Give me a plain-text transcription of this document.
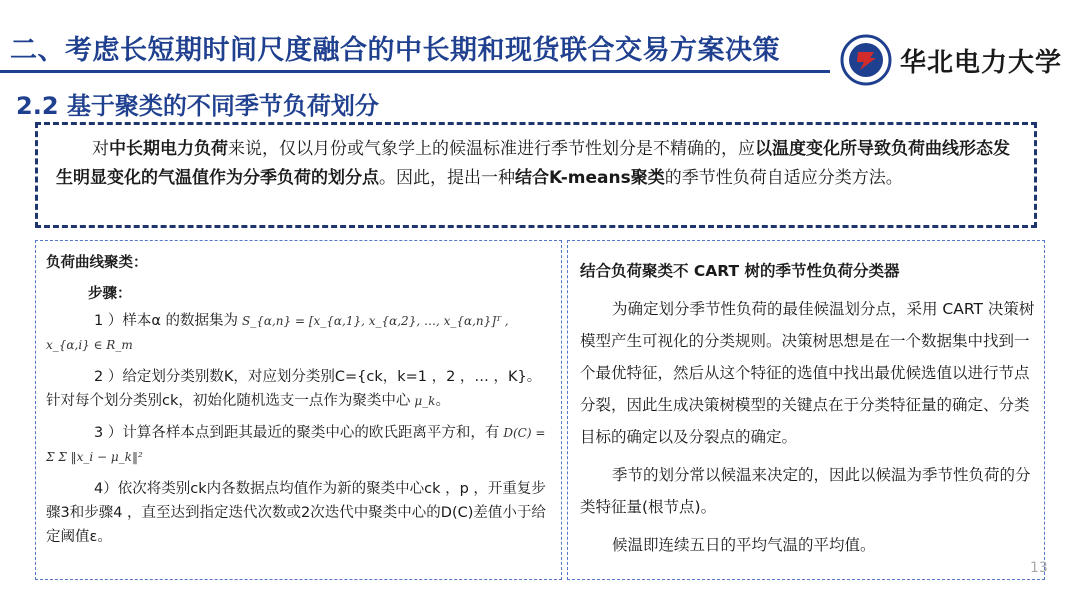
二、考虑长短期时间尺度融合的中长期和现货联合交易方案决策	华北电力大学
2.2 基于聚类的不同季节负荷划分

对中长期电力负荷来说，仅以月份或气象学上的候温标准进行季节性划分是不精确的，应以温度变化所导致负荷曲线形态发生明显变化的气温值作为分季负荷的划分点。因此，提出一种结合K-means聚类的季节性负荷自适应分类方法。

负荷曲线聚类：

步骤：

1 ）样本α 的数据集为 S_{α,n} = [x_{α,1}, x_{α,2}, …, x_{α,n}]ᵀ , x_{α,i} ∈ R_m

2 ）给定划分类别数K，对应划分类别C={ck，k=1 ，2 ，… ，K}。针对每个划分类别ck，初始化随机选支一点作为聚类中心 μ_k。

3 ）计算各样本点到距其最近的聚类中心的欧氏距离平方和，有 D(C) = Σ Σ ‖x_i − μ_k‖²

4）依次将类别ck内各数据点均值作为新的聚类中心ck ，p ，开重复步骤3和步骤4 ，直至达到指定迭代次数或2次迭代中聚类中心的D(C)差值小于给定阈值ε。

结合负荷聚类不 CART 树的季节性负荷分类器

为确定划分季节性负荷的最佳候温划分点，采用 CART 决策树模型产生可视化的分类规则。决策树思想是在一个数据集中找到一个最优特征，然后从这个特征的选值中找出最优候选值以进行节点分裂，因此生成决策树模型的关键点在于分类特征量的确定、分类目标的确定以及分裂点的确定。

季节的划分常以候温来决定的，因此以候温为季节性负荷的分类特征量(根节点)。

候温即连续五日的平均气温的平均值。

13
